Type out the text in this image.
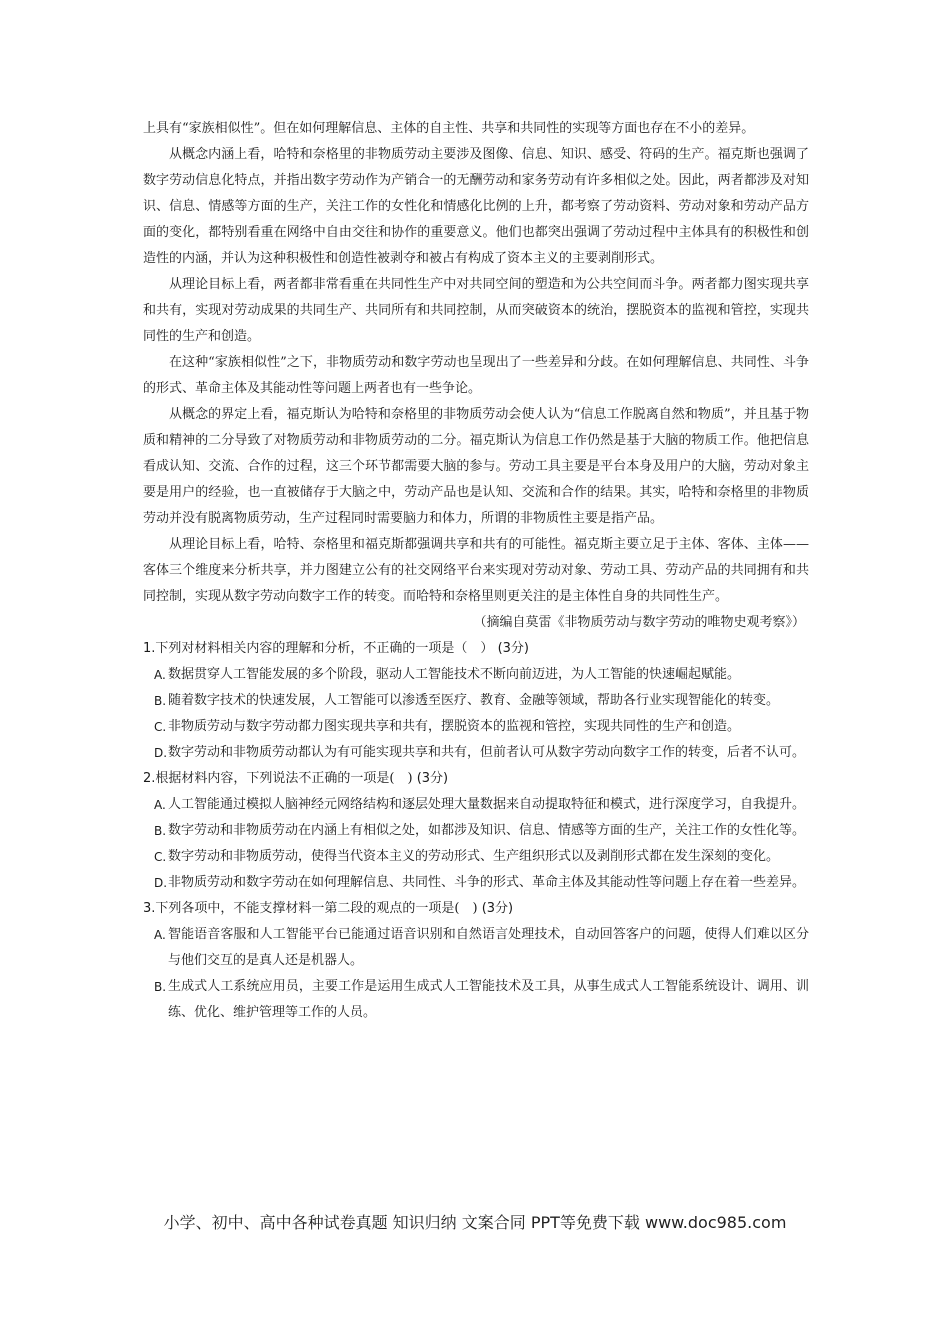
上具有“家族相似性”。但在如何理解信息、主体的自主性、共享和共同性的实现等方面也存在不小的差异。

从概念内涵上看，哈特和奈格里的非物质劳动主要涉及图像、信息、知识、感受、符码的生产。福克斯也强调了数字劳动信息化特点，并指出数字劳动作为产销合一的无酬劳动和家务劳动有许多相似之处。因此，两者都涉及对知识、信息、情感等方面的生产，关注工作的女性化和情感化比例的上升，都考察了劳动资料、劳动对象和劳动产品方面的变化，都特别看重在网络中自由交往和协作的重要意义。他们也都突出强调了劳动过程中主体具有的积极性和创造性的内涵，并认为这种积极性和创造性被剥夺和被占有构成了资本主义的主要剥削形式。

从理论目标上看，两者都非常看重在共同性生产中对共同空间的塑造和为公共空间而斗争。两者都力图实现共享和共有，实现对劳动成果的共同生产、共同所有和共同控制，从而突破资本的统治，摆脱资本的监视和管控，实现共同性的生产和创造。

在这种“家族相似性”之下，非物质劳动和数字劳动也呈现出了一些差异和分歧。在如何理解信息、共同性、斗争的形式、革命主体及其能动性等问题上两者也有一些争论。

从概念的界定上看，福克斯认为哈特和奈格里的非物质劳动会使人认为“信息工作脱离自然和物质”，并且基于物质和精神的二分导致了对物质劳动和非物质劳动的二分。福克斯认为信息工作仍然是基于大脑的物质工作。他把信息看成认知、交流、合作的过程，这三个环节都需要大脑的参与。劳动工具主要是平台本身及用户的大脑，劳动对象主要是用户的经验，也一直被储存于大脑之中，劳动产品也是认知、交流和合作的结果。其实，哈特和奈格里的非物质劳动并没有脱离物质劳动，生产过程同时需要脑力和体力，所谓的非物质性主要是指产品。

从理论目标上看，哈特、奈格里和福克斯都强调共享和共有的可能性。福克斯主要立足于主体、客体、主体——客体三个维度来分析共享，并力图建立公有的社交网络平台来实现对劳动对象、劳动工具、劳动产品的共同拥有和共同控制，实现从数字劳动向数字工作的转变。而哈特和奈格里则更关注的是主体性自身的共同性生产。

（摘编自莫雷《非物质劳动与数字劳动的唯物史观考察》）

1.下列对材料相关内容的理解和分析，不正确的一项是（　） (3分)

A. 数据贯穿人工智能发展的多个阶段，驱动人工智能技术不断向前迈进，为人工智能的快速崛起赋能。
B. 随着数字技术的快速发展，人工智能可以渗透至医疗、教育、金融等领域，帮助各行业实现智能化的转变。
C. 非物质劳动与数字劳动都力图实现共享和共有，摆脱资本的监视和管控，实现共同性的生产和创造。
D. 数字劳动和非物质劳动都认为有可能实现共享和共有，但前者认可从数字劳动向数字工作的转变，后者不认可。

2.根据材料内容，下列说法不正确的一项是(　) (3分)

A. 人工智能通过模拟人脑神经元网络结构和逐层处理大量数据来自动提取特征和模式，进行深度学习，自我提升。
B. 数字劳动和非物质劳动在内涵上有相似之处，如都涉及知识、信息、情感等方面的生产，关注工作的女性化等。
C. 数字劳动和非物质劳动，使得当代资本主义的劳动形式、生产组织形式以及剥削形式都在发生深刻的变化。
D. 非物质劳动和数字劳动在如何理解信息、共同性、斗争的形式、革命主体及其能动性等问题上存在着一些差异。

3.下列各项中，不能支撑材料一第二段的观点的一项是(　) (3分)

A. 智能语音客服和人工智能平台已能通过语音识别和自然语言处理技术，自动回答客户的问题，使得人们难以区分与他们交互的是真人还是机器人。
B. 生成式人工系统应用员，主要工作是运用生成式人工智能技术及工具，从事生成式人工智能系统设计、调用、训练、优化、维护管理等工作的人员。
小学、初中、高中各种试卷真题 知识归纳 文案合同 PPT等免费下载 www.doc985.com
